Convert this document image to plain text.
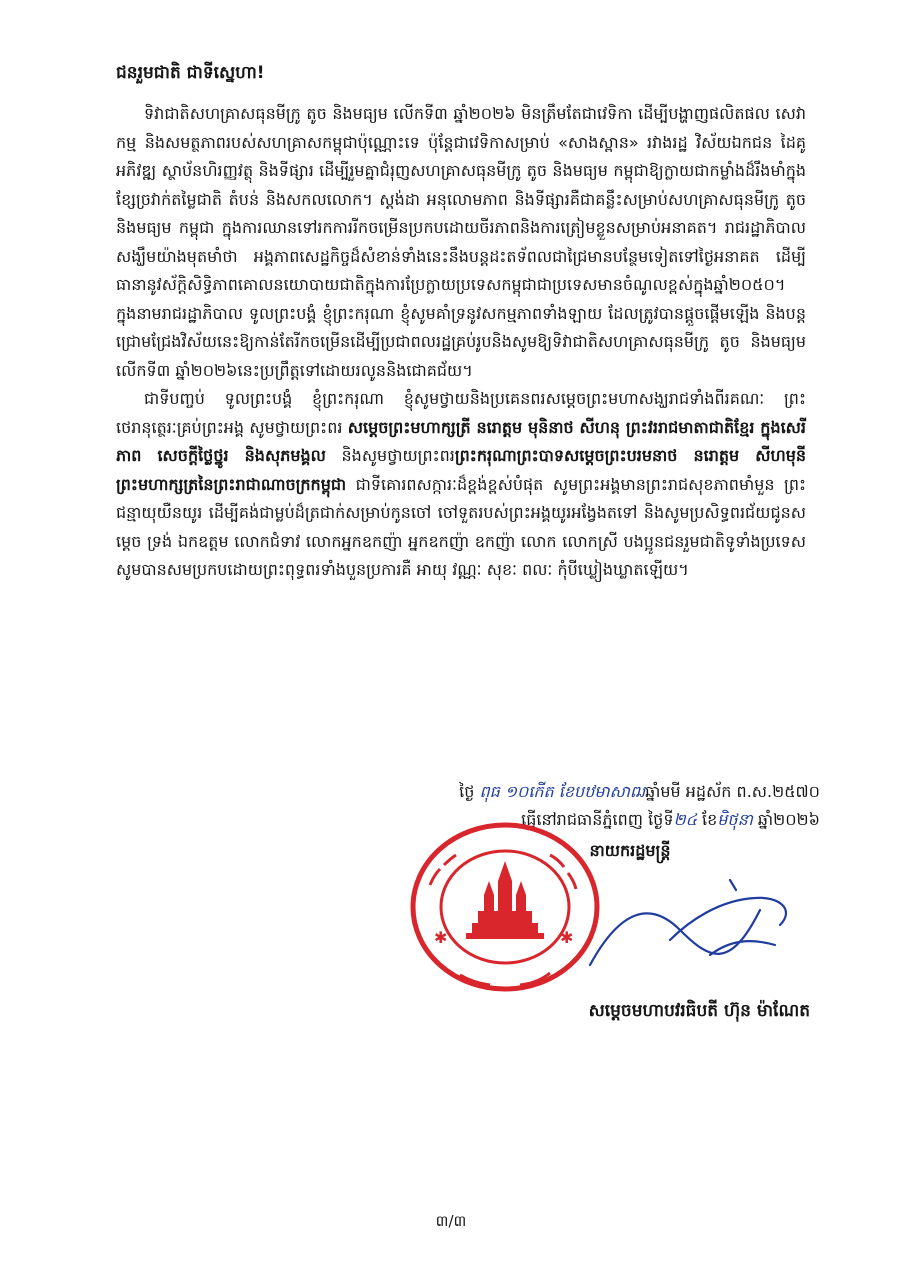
ជនរួមជាតិ ជាទីស្នេហា!

ទិវាជាតិសហគ្រាសធុនមីក្រូ តូច និងមធ្យម លើកទី៣ ឆ្នាំ២០២៦ មិនត្រឹមតែជាវេទិកា ដើម្បីបង្ហាញផលិតផល សេវាកម្ម និងសមត្ថភាពរបស់សហគ្រាសកម្ពុជាប៉ុណ្ណោះទេ ប៉ុន្តែជាវេទិកាសម្រាប់ «សាងស្ពាន» រវាងរដ្ឋ វិស័យឯកជន ដៃគូអភិវឌ្ឍ ស្ថាប័នហិរញ្ញវត្ថុ និងទីផ្សារ ដើម្បីរួមគ្នាជំរុញសហគ្រាសធុនមីក្រូ តូច និងមធ្យម កម្ពុជាឱ្យក្លាយជាកម្លាំងដ៏រឹងមាំក្នុងខ្សែច្រវាក់តម្លៃជាតិ តំបន់ និងសកលលោក។ ស្តង់ដា អនុលោមភាព និងទីផ្សារគឺជាគន្លឹះសម្រាប់សហគ្រាសធុនមីក្រូ តូច និងមធ្យម កម្ពុជា ក្នុងការឈានទៅរកការរីកចម្រើនប្រកបដោយចីរភាពនិងការត្រៀមខ្លួនសម្រាប់អនាគត។ រាជរដ្ឋាភិបាលសង្ឃឹមយ៉ាងមុតមាំថា អង្គភាពសេដ្ឋកិច្ចដ៏សំខាន់ទាំងនេះនឹងបន្តដះត​ទ័ពលជាជ្រៃមានបន្ថែមទៀតទៅថ្ងៃអនាគត ដើម្បីធានានូវស័ក្តិសិទ្ធិភាពគោលនយោបាយជាតិក្នុងការប្រែក្លាយប្រទេសកម្ពុជាជាប្រទេសមានចំណូលខ្ពស់ក្នុងឆ្នាំ២០៥០។ ក្នុងនាមរាជរដ្ឋាភិបាល ទូលព្រះបង្គំ ខ្ញុំព្រះករុណា ខ្ញុំសូមគាំទ្រនូវសកម្មភាពទាំងឡាយ ដែលត្រូវបានផ្តួចផ្តើមឡើង និងបន្តជ្រោមជ្រែងវិស័យនេះឱ្យកាន់តែរីកចម្រើនដើម្បីប្រជាពលរដ្ឋគ្រប់រូបនិងសូមឱ្យទិវាជាតិសហគ្រាសធុនមីក្រូ តូច និងមធ្យម លើកទី៣ ឆ្នាំ២០២៦នេះប្រព្រឹត្តទៅដោយរលូននិងជោគជ័យ។

ជាទីបញ្ចប់ ទូលព្រះបង្គំ ខ្ញុំព្រះករុណា ខ្ញុំសូមថ្វាយនិងប្រគេនពរសម្តេចព្រះមហាសង្ឃរាជទាំងពីរគណៈ ព្រះថេរានុត្ថេរៈគ្រប់ព្រះអង្គ សូមថ្វាយព្រះពរ សម្តេចព្រះមហាក្សត្រី នរោត្តម មុនិនាថ សីហនុ ព្រះវររាជមាតាជាតិខ្មែរ ក្នុងសេរីភាព សេចក្តីថ្លៃថ្នូរ និងសុភមង្គល និងសូមថ្វាយព្រះពរព្រះករុណាព្រះបាទសម្តេចព្រះបរមនាថ នរោត្តម សីហមុនី ព្រះមហាក្សត្រនៃព្រះរាជាណាចក្រកម្ពុជា ជាទីគោរពសក្ការៈដ៏ខ្ពង់ខ្ពស់បំផុត សូមព្រះអង្គមានព្រះរាជសុខភាពមាំមួន ព្រះជន្មាយុយឺនយូរ ដើម្បីគង់ជាម្លប់ដ៏ត្រជាក់សម្រាប់កូនចៅ ចៅទួតរបស់ព្រះអង្គយូរអង្វែងតទៅ និងសូមប្រសិទ្ធពរជ័យជូនសម្តេច ទ្រង់ ឯកឧត្តម លោកជំទាវ លោកអ្នកឧកញ៉ា អ្នកឧកញ៉ា ឧកញ៉ា លោក លោកស្រី បងប្អូនជនរួមជាតិទូទាំងប្រទេស សូមបានសមប្រកបដោយព្រះពុទ្ធពរទាំងបួនប្រការគឺ អាយុ វណ្ណៈ សុខៈ ពលៈ កុំបីឃ្លៀងឃ្លាតឡើយ។

ថ្ងៃ ពុធ ១០កើត ខែបឋមាសាឍឆ្នាំមមី អដ្ឋស័ក ព.ស.២៥៧០
ធ្វើនៅរាជធានីភ្នំពេញ ថ្ងៃទី២៤ ខែមិថុនា ឆ្នាំ២០២៦
✱	✱
នាយករដ្ឋមន្ត្រី
សម្តេចមហាបវរធិបតី ហ៊ុន ម៉ាណែត
៣/៣
